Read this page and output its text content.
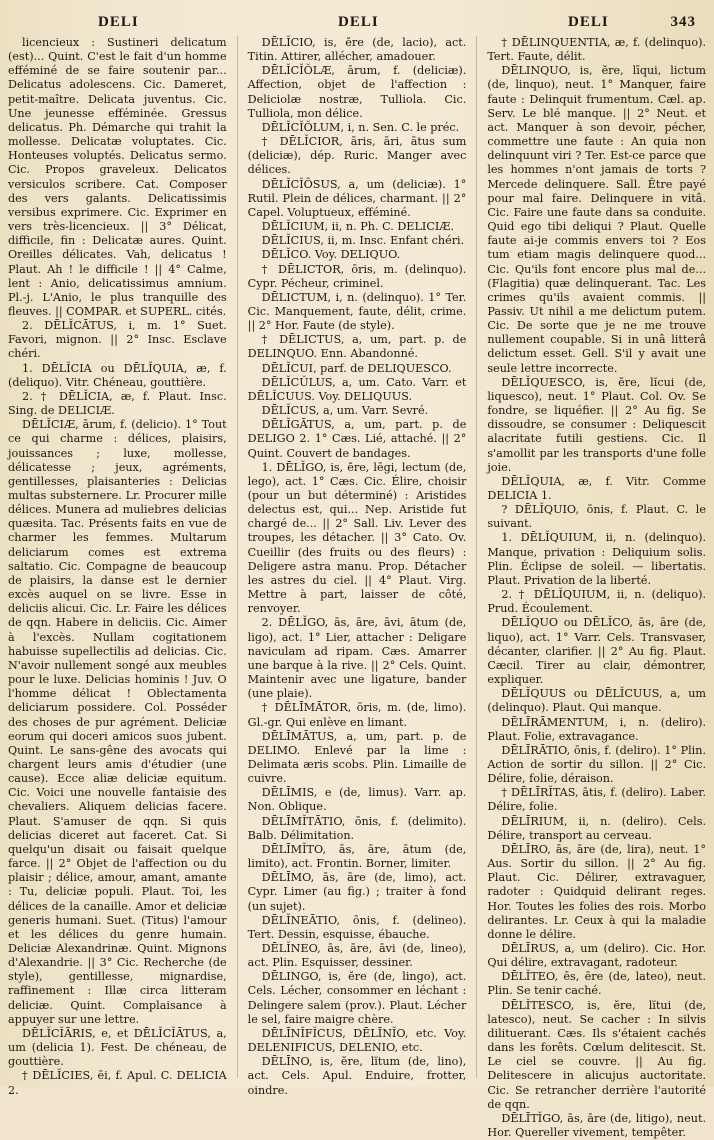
DELI	DELI	DELI	343

licencieux : Sustineri delicatum (est)... Quint. C'est le fait d'un homme efféminé de se faire soutenir par... Delicatus adolescens. Cic. Dameret, petit-maître. Delicata juventus. Cic. Une jeunesse efféminée. Gressus delicatus. Ph. Démarche qui trahit la mollesse. Delicatæ voluptates. Cic. Honteuses voluptés. Delicatus sermo. Cic. Propos graveleux. Delicatos versiculos scribere. Cat. Composer des vers galants. Delicatissimis versibus exprimere. Cic. Exprimer en vers très-licencieux. || 3° Délicat, difficile, fin : Delicatæ aures. Quint. Oreilles délicates. Vah, delicatus ! Plaut. Ah ! le difficile ! || 4° Calme, lent : Anio, delicatissimus amnium. Pl.-j. L'Anio, le plus tranquille des fleuves. || COMPAR. et SUPERL. cités.

2. DĒLĬCĀTUS, i, m. 1° Suet. Favori, mignon. || 2° Insc. Esclave chéri.

1. DĒLĬCIA ou DĒLĬQUIA, æ, f. (deliquo). Vitr. Chéneau, gouttière.

2. † DĒLĬCIA, æ, f. Plaut. Insc. Sing. de DELICIÆ.

DĒLĬCIÆ, ārum, f. (delicio). 1° Tout ce qui charme : délices, plaisirs, jouissances ; luxe, mollesse, délicatesse ; jeux, agréments, gentillesses, plaisanteries : Delicias multas substernere. Lr. Procurer mille délices. Munera ad muliebres delicias quæsita. Tac. Présents faits en vue de charmer les femmes. Multarum deliciarum comes est extrema saltatio. Cic. Compagne de beaucoup de plaisirs, la danse est le dernier excès auquel on se livre. Esse in deliciis alicui. Cic. Lr. Faire les délices de qqn. Habere in deliciis. Cic. Aimer à l'excès. Nullam cogitationem habuisse supellectilis ad delicias. Cic. N'avoir nullement songé aux meubles pour le luxe. Delicias hominis ! Juv. O l'homme délicat ! Oblectamenta deliciarum possidere. Col. Posséder des choses de pur agrément. Deliciæ eorum qui doceri amicos suos jubent. Quint. Le sans-gêne des avocats qui chargent leurs amis d'étudier (une cause). Ecce aliæ deliciæ equitum. Cic. Voici une nouvelle fantaisie des chevaliers. Aliquem delicias facere. Plaut. S'amuser de qqn. Si quis delicias diceret aut faceret. Cat. Si quelqu'un disait ou faisait quelque farce. || 2° Objet de l'affection ou du plaisir ; délice, amour, amant, amante : Tu, deliciæ populi. Plaut. Toi, les délices de la canaille. Amor et deliciæ generis humani. Suet. (Titus) l'amour et les délices du genre humain. Deliciæ Alexandrinæ. Quint. Mignons d'Alexandrie. || 3° Cic. Recherche (de style), gentillesse, mignardise, raffinement : Illæ circa litteram deliciæ. Quint. Complaisance à appuyer sur une lettre.

DĒLĬCĬĀRIS, e, et DĒLĬCĬĀTUS, a, um (delicia 1). Fest. De chéneau, de gouttière.

† DĒLĬCIES, ēi, f. Apul. C. DELICIA 2.

DĒLĬCIO, is, ĕre (de, lacio), act. Titin. Attirer, allécher, amadouer.

DĒLĬCĬŎLÆ, ārum, f. (deliciæ). Affection, objet de l'affection : Deliciolæ nostræ, Tulliola. Cic. Tulliola, mon délice.

DĒLĬCĬŎLUM, i, n. Sen. C. le préc.

† DĒLĬCIOR, āris, āri, ātus sum (deliciæ), dép. Ruric. Manger avec délices.

DĒLĬCĬŌSUS, a, um (deliciæ). 1° Rutil. Plein de délices, charmant. || 2° Capel. Voluptueux, efféminé.

DĒLĬCIUM, ii, n. Ph. C. DELICIÆ.

DĒLĬCIUS, ii, m. Insc. Enfant chéri.

DĒLĬCO. Voy. DELIQUO.

† DĒLICTOR, ōris, m. (delinquo). Cypr. Pécheur, criminel.

DĒLICTUM, i, n. (delinquo). 1° Ter. Cic. Manquement, faute, délit, crime. || 2° Hor. Faute (de style).

† DĒLICTUS, a, um, part. p. de DELINQUO. Enn. Abandonné.

DĒLĬCUI, parf. de DELIQUESCO.

DĒLĬCŬLUS, a, um. Cato. Varr. et DĒLĬCUUS. Voy. DELIQUUS.

DĒLĬCUS, a, um. Varr. Sevré.

DĒLĬGĀTUS, a, um, part. p. de DELIGO 2. 1° Cæs. Lié, attaché. || 2° Quint. Couvert de bandages.

1. DĒLĬGO, is, ĕre, lēgi, lectum (de, lego), act. 1° Cæs. Cic. Élire, choisir (pour un but déterminé) : Aristides delectus est, qui... Nep. Aristide fut chargé de... || 2° Sall. Liv. Lever des troupes, les détacher. || 3° Cato. Ov. Cueillir (des fruits ou des fleurs) : Deligere astra manu. Prop. Détacher les astres du ciel. || 4° Plaut. Virg. Mettre à part, laisser de côté, renvoyer.

2. DĒLĬGO, ās, āre, āvi, ātum (de, ligo), act. 1° Lier, attacher : Deligare naviculam ad ripam. Cæs. Amarrer une barque à la rive. || 2° Cels. Quint. Maintenir avec une ligature, bander (une plaie).

† DĒLĪMĀTOR, ōris, m. (de, limo). Gl.-gr. Qui enlève en limant.

DĒLĪMĀTUS, a, um, part. p. de DELIMO. Enlevé par la lime : Delimata æris scobs. Plin. Limaille de cuivre.

DĒLĪMIS, e (de, limus). Varr. ap. Non. Oblique.

DĒLĪMĬTĀTIO, ōnis, f. (delimito). Balb. Délimitation.

DĒLĪMĬTO, ās, āre, ātum (de, limito), act. Frontin. Borner, limiter.

DĒLĪMO, ās, āre (de, limo), act. Cypr. Limer (au fig.) ; traiter à fond (un sujet).

DĒLĬNEĀTIO, ōnis, f. (delineo). Tert. Dessin, esquisse, ébauche.

DĒLĬNEO, ās, āre, āvi (de, lineo), act. Plin. Esquisser, dessiner.

DĒLINGO, is, ĕre (de, lingo), act. Cels. Lécher, consommer en léchant : Delingere salem (prov.). Plaut. Lécher le sel, faire maigre chère.

DĒLĪNĬFĬCUS, DĒLĪNĬO, etc. Voy. DELENIFICUS, DELENIO, etc.

DĒLĪNO, is, ĕre, lĭtum (de, lino), act. Cels. Apul. Enduire, frotter, oindre.

† DĒLINQUENTIA, æ, f. (delinquo). Tert. Faute, délit.

DĒLINQUO, is, ĕre, līqui, lictum (de, linquo), neut. 1° Manquer, faire faute : Delinquit frumentum. Cæl. ap. Serv. Le blé manque. || 2° Neut. et act. Manquer à son devoir, pécher, commettre une faute : An quia non delinquunt viri ? Ter. Est-ce parce que les hommes n'ont jamais de torts ? Mercede delinquere. Sall. Être payé pour mal faire. Delinquere in vitâ. Cic. Faire une faute dans sa conduite. Quid ego tibi deliqui ? Plaut. Quelle faute ai-je commis envers toi ? Eos tum etiam magis delinquere quod... Cic. Qu'ils font encore plus mal de... (Flagitia) quæ delinquerant. Tac. Les crimes qu'ils avaient commis. || Passiv. Ut nihil a me delictum putem. Cic. De sorte que je ne me trouve nullement coupable. Si in unâ litterâ delictum esset. Gell. S'il y avait une seule lettre incorrecte.

DĒLĬQUESCO, is, ĕre, lĭcui (de, liquesco), neut. 1° Plaut. Col. Ov. Se fondre, se liquéfier. || 2° Au fig. Se dissoudre, se consumer : Deliquescit alacritate futili gestiens. Cic. Il s'amollit par les transports d'une folle joie.

DĒLĬQUIA, æ, f. Vitr. Comme DELICIA 1.

? DĒLĬQUIO, ōnis, f. Plaut. C. le suivant.

1. DĒLĬQUIUM, ii, n. (delinquo). Manque, privation : Deliquium solis. Plin. Éclipse de soleil. — libertatis. Plaut. Privation de la liberté.

2. † DĒLĬQUIUM, ii, n. (deliquo). Prud. Écoulement.

DĒLĬQUO ou DĒLĬCO, ās, āre (de, liquo), act. 1° Varr. Cels. Transvaser, décanter, clarifier. || 2° Au fig. Plaut. Cæcil. Tirer au clair, démontrer, expliquer.

DĒLĬQUUS ou DĒLĬCUUS, a, um (delinquo). Plaut. Qui manque.

DĒLĪRĀMENTUM, i, n. (deliro). Plaut. Folie, extravagance.

DĒLĪRĀTIO, ōnis, f. (deliro). 1° Plin. Action de sortir du sillon. || 2° Cic. Délire, folie, déraison.

† DĒLĪRĬTAS, ātis, f. (deliro). Laber. Délire, folie.

DĒLĪRIUM, ii, n. (deliro). Cels. Délire, transport au cerveau.

DĒLĪRO, ās, āre (de, lira), neut. 1° Aus. Sortir du sillon. || 2° Au fig. Plaut. Cic. Délirer, extravaguer, radoter : Quidquid delirant reges. Hor. Toutes les folies des rois. Morbo delirantes. Lr. Ceux à qui la maladie donne le délire.

DĒLĪRUS, a, um (deliro). Cic. Hor. Qui délire, extravagant, radoteur.

DĒLĬTEO, ēs, ēre (de, lateo), neut. Plin. Se tenir caché.

DĒLĬTESCO, is, ĕre, lĭtui (de, latesco), neut. Se cacher : In silvis dilituerant. Cæs. Ils s'étaient cachés dans les forêts. Cœlum delitescit. St. Le ciel se couvre. || Au fig. Delitescere in alicujus auctoritate. Cic. Se retrancher derrière l'autorité de qqn.

DĒLĪTĬGO, ās, āre (de, litigo), neut. Hor. Quereller vivement, tempêter.
